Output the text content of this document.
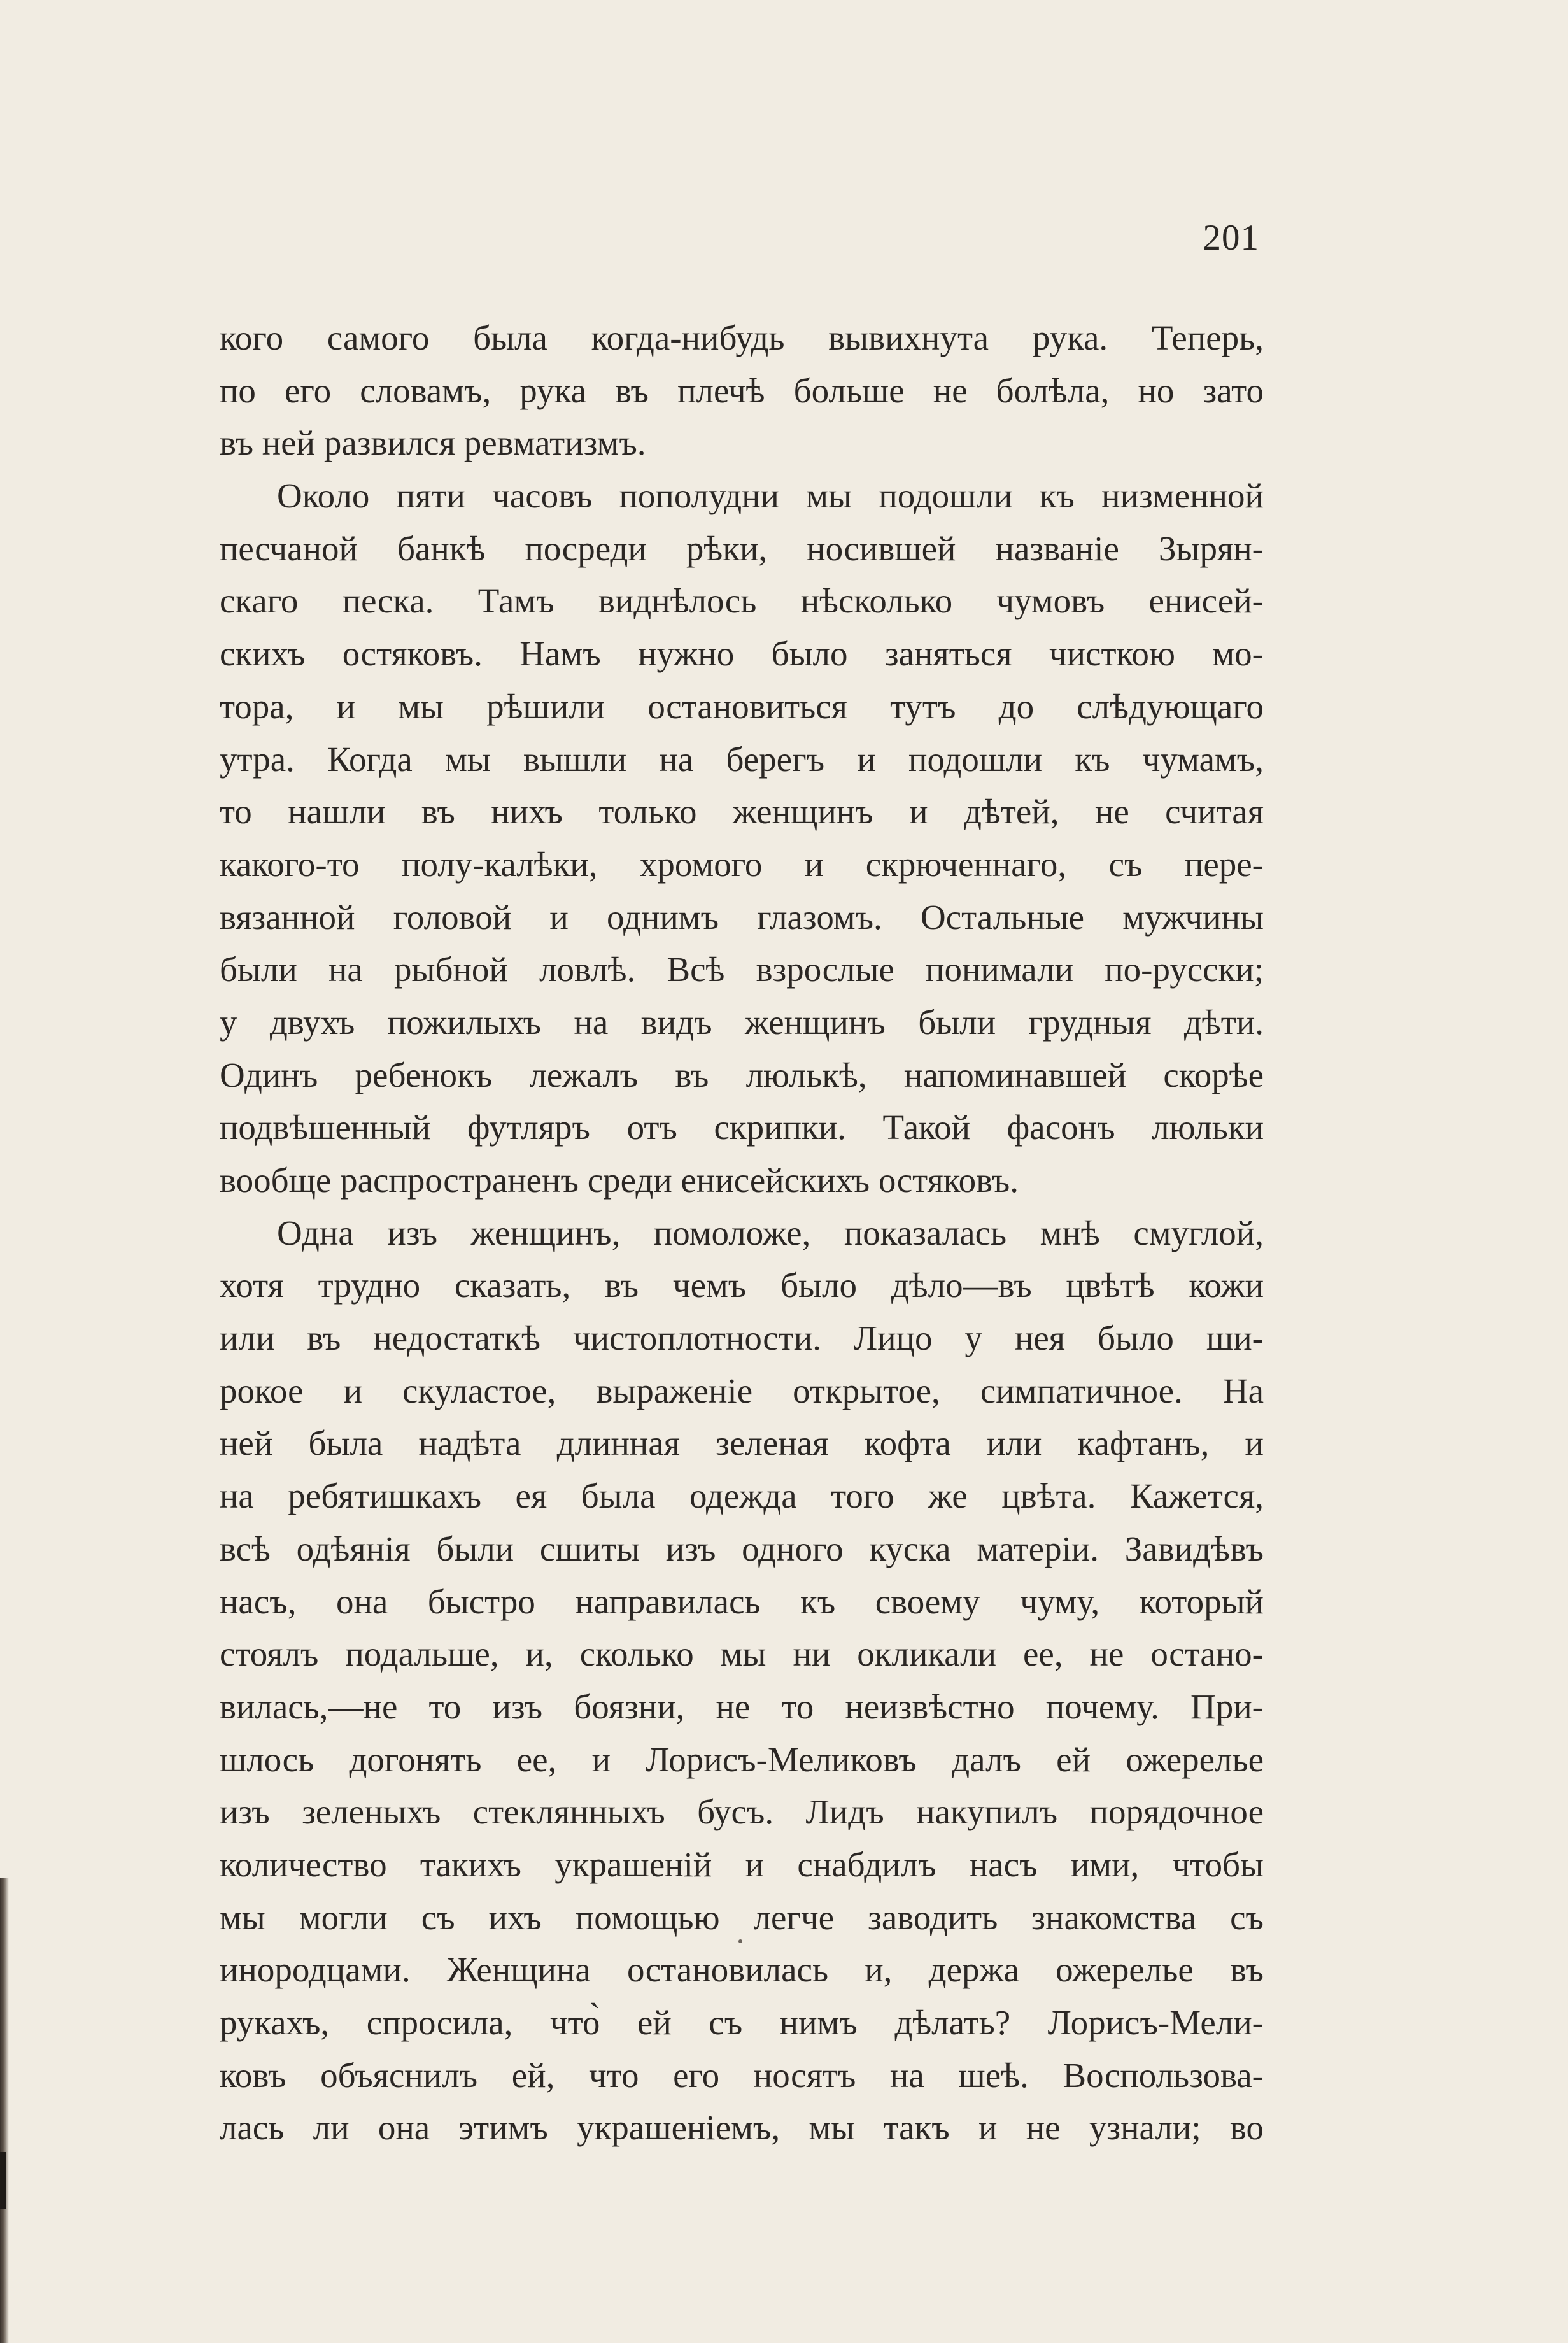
201

кого самого была когда-нибудь вывихнута рука. Теперь,
по его словамъ, рука въ плечѣ больше не болѣла, но зато
въ ней развился ревматизмъ.
Около пяти часовъ пополудни мы подошли къ низменной
песчаной банкѣ посреди рѣки, носившей названiе Зырян-
скаго песка. Тамъ виднѣлось нѣсколько чумовъ енисей-
скихъ остяковъ. Намъ нужно было заняться чисткою мо-
тора, и мы рѣшили остановиться тутъ до слѣдующаго
утра. Когда мы вышли на берегъ и подошли къ чумамъ,
то нашли въ нихъ только женщинъ и дѣтей, не считая
какого-то полу-калѣки, хромого и скрюченнаго, съ пере-
вязанной головой и однимъ глазомъ. Остальные мужчины
были на рыбной ловлѣ. Всѣ взрослые понимали по-русски;
у двухъ пожилыхъ на видъ женщинъ были грудныя дѣти.
Одинъ ребенокъ лежалъ въ люлькѣ, напоминавшей скорѣе
подвѣшенный футляръ отъ скрипки. Такой фасонъ люльки
вообще распространенъ среди енисейскихъ остяковъ.
Одна изъ женщинъ, помоложе, показалась мнѣ смуглой,
хотя трудно сказать, въ чемъ было дѣло—въ цвѣтѣ кожи
или въ недостаткѣ чистоплотности. Лицо у нея было ши-
рокое и скуластое, выраженiе открытое, симпатичное. На
ней была надѣта длинная зеленая кофта или кафтанъ, и
на ребятишкахъ ея была одежда того же цвѣта. Кажется,
всѣ одѣянiя были сшиты изъ одного куска матерiи. Завидѣвъ
насъ, она быстро направилась къ своему чуму, который
стоялъ подальше, и, сколько мы ни окликали ее, не остано-
вилась,—не то изъ боязни, не то неизвѣстно почему. При-
шлось догонять ее, и Лорисъ-Меликовъ далъ ей ожерелье
изъ зеленыхъ стеклянныхъ бусъ. Лидъ накупилъ порядочное
количество такихъ украшенiй и снабдилъ насъ ими, чтобы
мы могли съ ихъ помощью легче заводить знакомства съ
инородцами. Женщина остановилась и, держа ожерелье въ
рукахъ, спросила, что̀ ей съ нимъ дѣлать? Лорисъ-Мели-
ковъ объяснилъ ей, что его носятъ на шеѣ. Воспользова-
лась ли она этимъ украшенiемъ, мы такъ и не узнали; во
